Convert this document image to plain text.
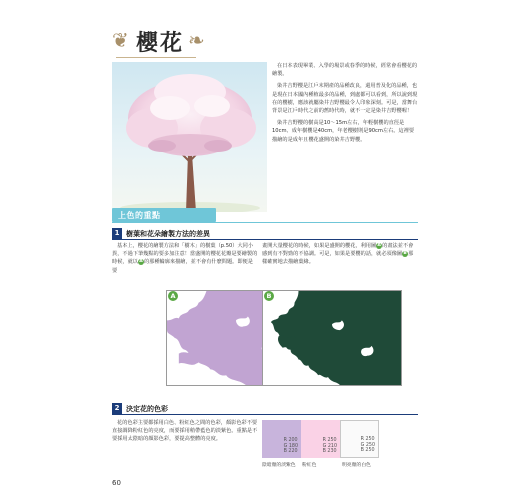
❦ 櫻花 ❧

在日本表現畢業、入學的場景或春季的時候，經常會看櫻花的繪製。

染井吉野櫻是江戶末期產的品種改良，還用普及化的品種，也是現在日本國內種植最多的品種，到處都可以看到，所以說到現在的櫻樹，應該就屬染井吉野櫻最令人印象深刻。可是，當舞台背景是江戶時代之前的舊時代時，就不一定是染井吉野櫻喔！

染井吉野櫻的樹高是10～15m左右，年輕樹櫻的直徑是10cm、成年樹櫻是40cm，年老櫻樹則是90cm左右。這裡要描繪的是成年且櫻花盛開的染井吉野櫻。

上色的重點
1 樹葉和花朵繪製方法的差異

基本上，櫻花的繪製方法和「樹木」的樹葉（p.50）大同小異，不過下筆幾點的要多加注意！當盛開的櫻花花瓣是要繪製的時候，就以A的那種輪廓來描繪，並不會有什麼問題。即便是要

畫開大量櫻花的時候，如果是盛開的櫻花，利用圖A的畫法並不會感到有不對勁的不協調。可是，如果是要櫻的話，就必須像圖B那樣確實地去描繪葉緣。

A	B
2 決定花的色彩

花的色彩主要都採用白色、粉紅色之間的色彩，顏影色彩不要直接調降粉紅色的亮度，而要採用稍帶藍色的淡紫色。重點是不要採用太陰暗的顏影色彩，要提高整體的亮度。	R 200
G 180
B 220
R 250
G 210
B 230
R 250
G 250
B 250
陰暗顏的淡紫色 粉紅色	明亮顏的白色
60
